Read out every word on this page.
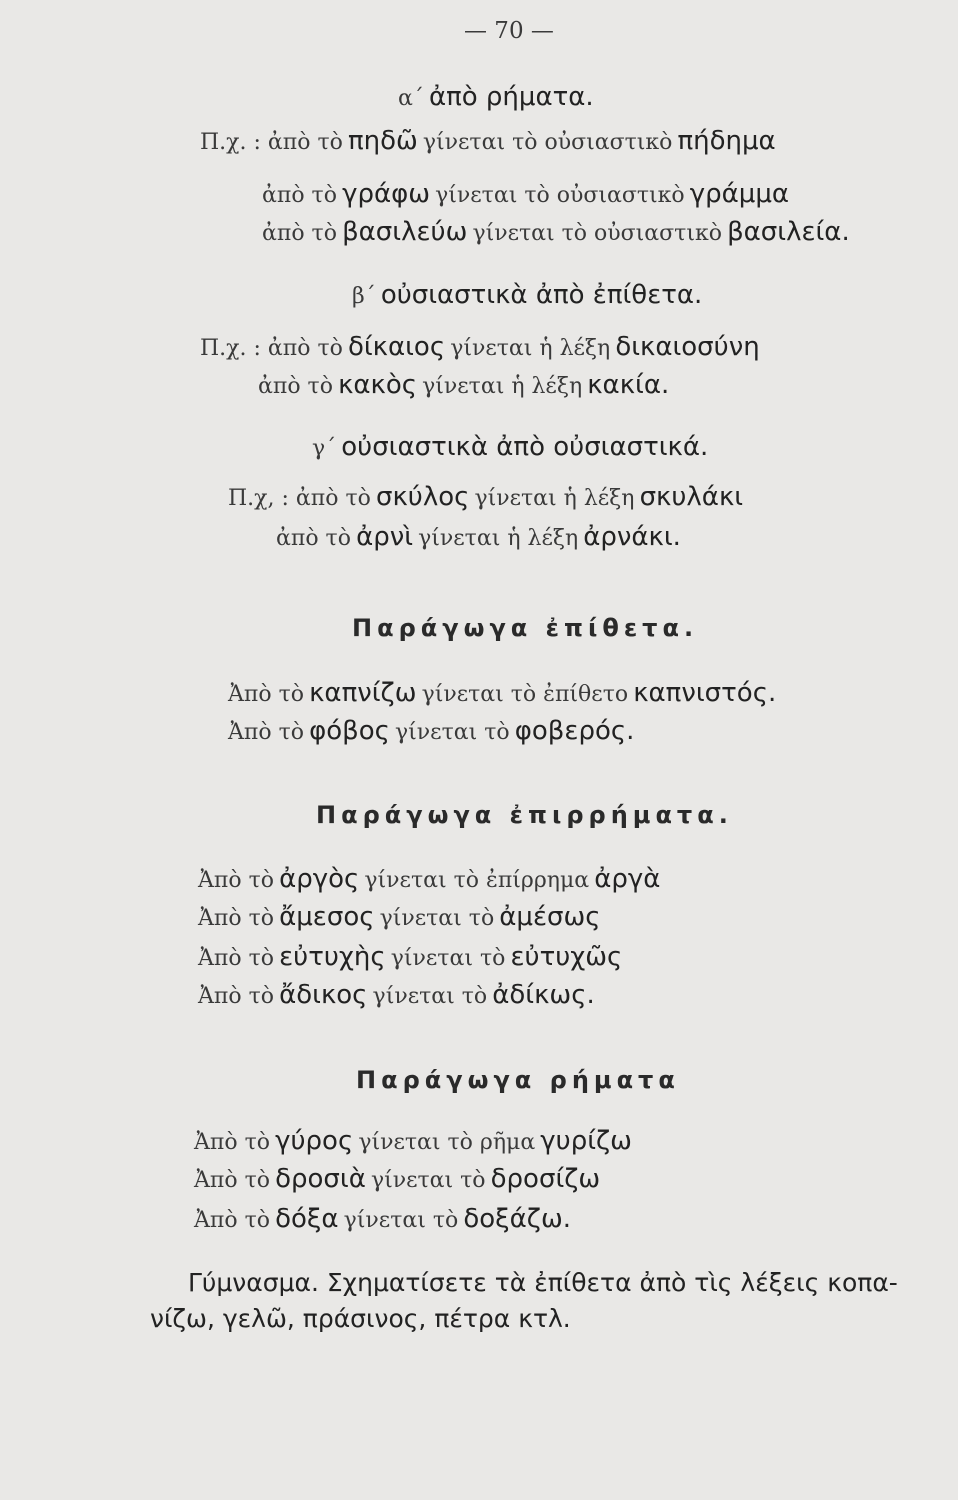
— 70 —
α΄ ἀπὸ ρήματα.
Π.χ. : ἀπὸ τὸ πηδῶ γίνεται τὸ οὐσιαστικὸ πήδημα
ἀπὸ τὸ γράφω γίνεται τὸ οὐσιαστικὸ γράμμα
ἀπὸ τὸ βασιλεύω γίνεται τὸ οὐσιαστικὸ βασιλεία.
β΄ οὐσιαστικὰ ἀπὸ ἐπίθετα.
Π.χ. : ἀπὸ τὸ δίκαιος γίνεται ἡ λέξη δικαιοσύνη
ἀπὸ τὸ κακὸς γίνεται ἡ λέξη κακία.
γ΄ οὐσιαστικὰ ἀπὸ οὐσιαστικά.
Π.χ, : ἀπὸ τὸ σκύλος γίνεται ἡ λέξη σκυλάκι
ἀπὸ τὸ ἀρνὶ γίνεται ἡ λέξη ἀρνάκι.
Παράγωγα ἐπίθετα.
Ἀπὸ τὸ καπνίζω γίνεται τὸ ἐπίθετο καπνιστός.
Ἀπὸ τὸ φόβος γίνεται τὸ φοβερός.
Παράγωγα ἐπιρρήματα.
Ἀπὸ τὸ ἀργὸς γίνεται τὸ ἐπίρρημα ἀργὰ
Ἀπὸ τὸ ἄμεσος γίνεται τὸ ἀμέσως
Ἀπὸ τὸ εὐτυχὴς γίνεται τὸ εὐτυχῶς
Ἀπὸ τὸ ἄδικος γίνεται τὸ ἀδίκως.
Παράγωγα ρήματα
Ἀπὸ τὸ γύρος γίνεται τὸ ρῆμα γυρίζω
Ἀπὸ τὸ δροσιὰ γίνεται τὸ δροσίζω
Ἀπὸ τὸ δόξα γίνεται τὸ δοξάζω.
Γύμνασμα. Σχηματίσετε τὰ ἐπίθετα ἀπὸ τὶς λέξεις κοπα-
νίζω, γελῶ, πράσινος, πέτρα κτλ.
